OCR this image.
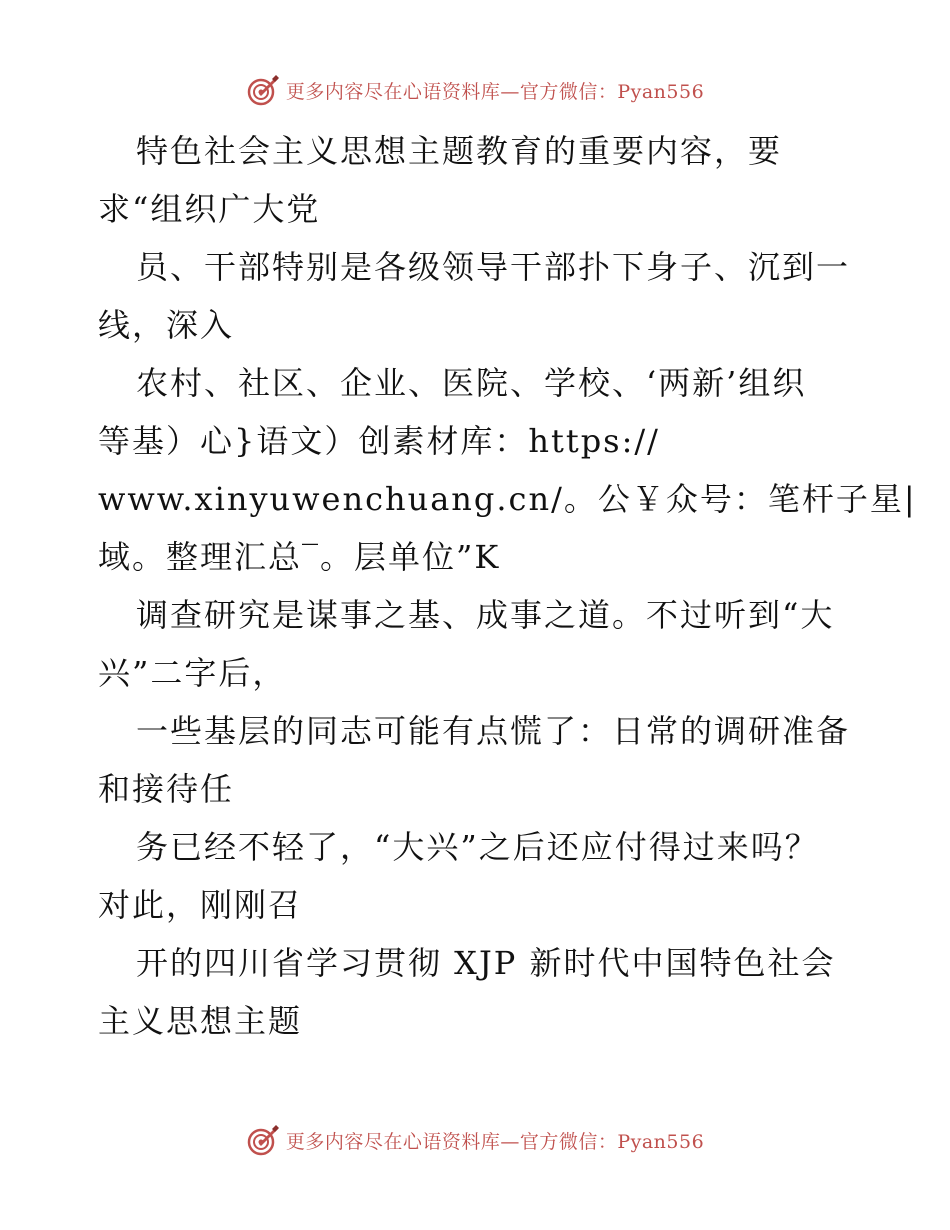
更多内容尽在心语资料库—官方微信：Pyan556
特色社会主义思想主题教育的重要内容，要
求“组织广大党
员、干部特别是各级领导干部扑下身子、沉到一
线，深入
农村、社区、企业、医院、学校、‘两新’组织
等基）心}语文）创素材库：https://
www.xinyuwenchuang.cn/。公￥众号：笔杆子星|
域。整理汇总‾。层单位”K
调查研究是谋事之基、成事之道。不过听到“大
兴”二字后，
一些基层的同志可能有点慌了：日常的调研准备
和接待任
务已经不轻了，“大兴”之后还应付得过来吗？
对此，刚刚召
开的四川省学习贯彻 XJP 新时代中国特色社会
主义思想主题
更多内容尽在心语资料库—官方微信：Pyan556
